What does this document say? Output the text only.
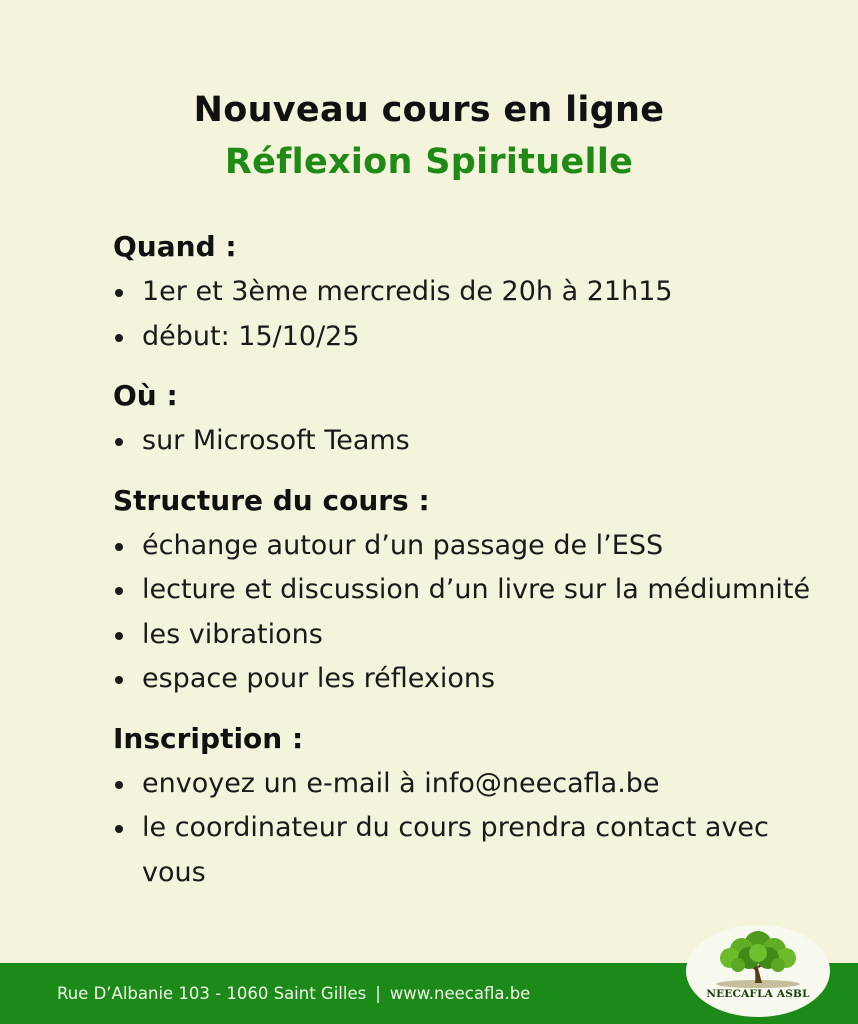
Nouveau cours en ligne
Réflexion Spirituelle
Quand :
1er et 3ème mercredis de 20h à 21h15
début: 15/10/25
Où :
sur Microsoft Teams
Structure du cours :
échange autour d’un passage de l’ESS
lecture et discussion d’un livre sur la médiumnité
les vibrations
espace pour les réflexions
Inscription :
envoyez un e-mail à info@neecafla.be
le coordinateur du cours prendra contact avec vous
Rue D’Albanie 103 - 1060 Saint Gilles | www.neecafla.be	NEECAFLA ASBL
